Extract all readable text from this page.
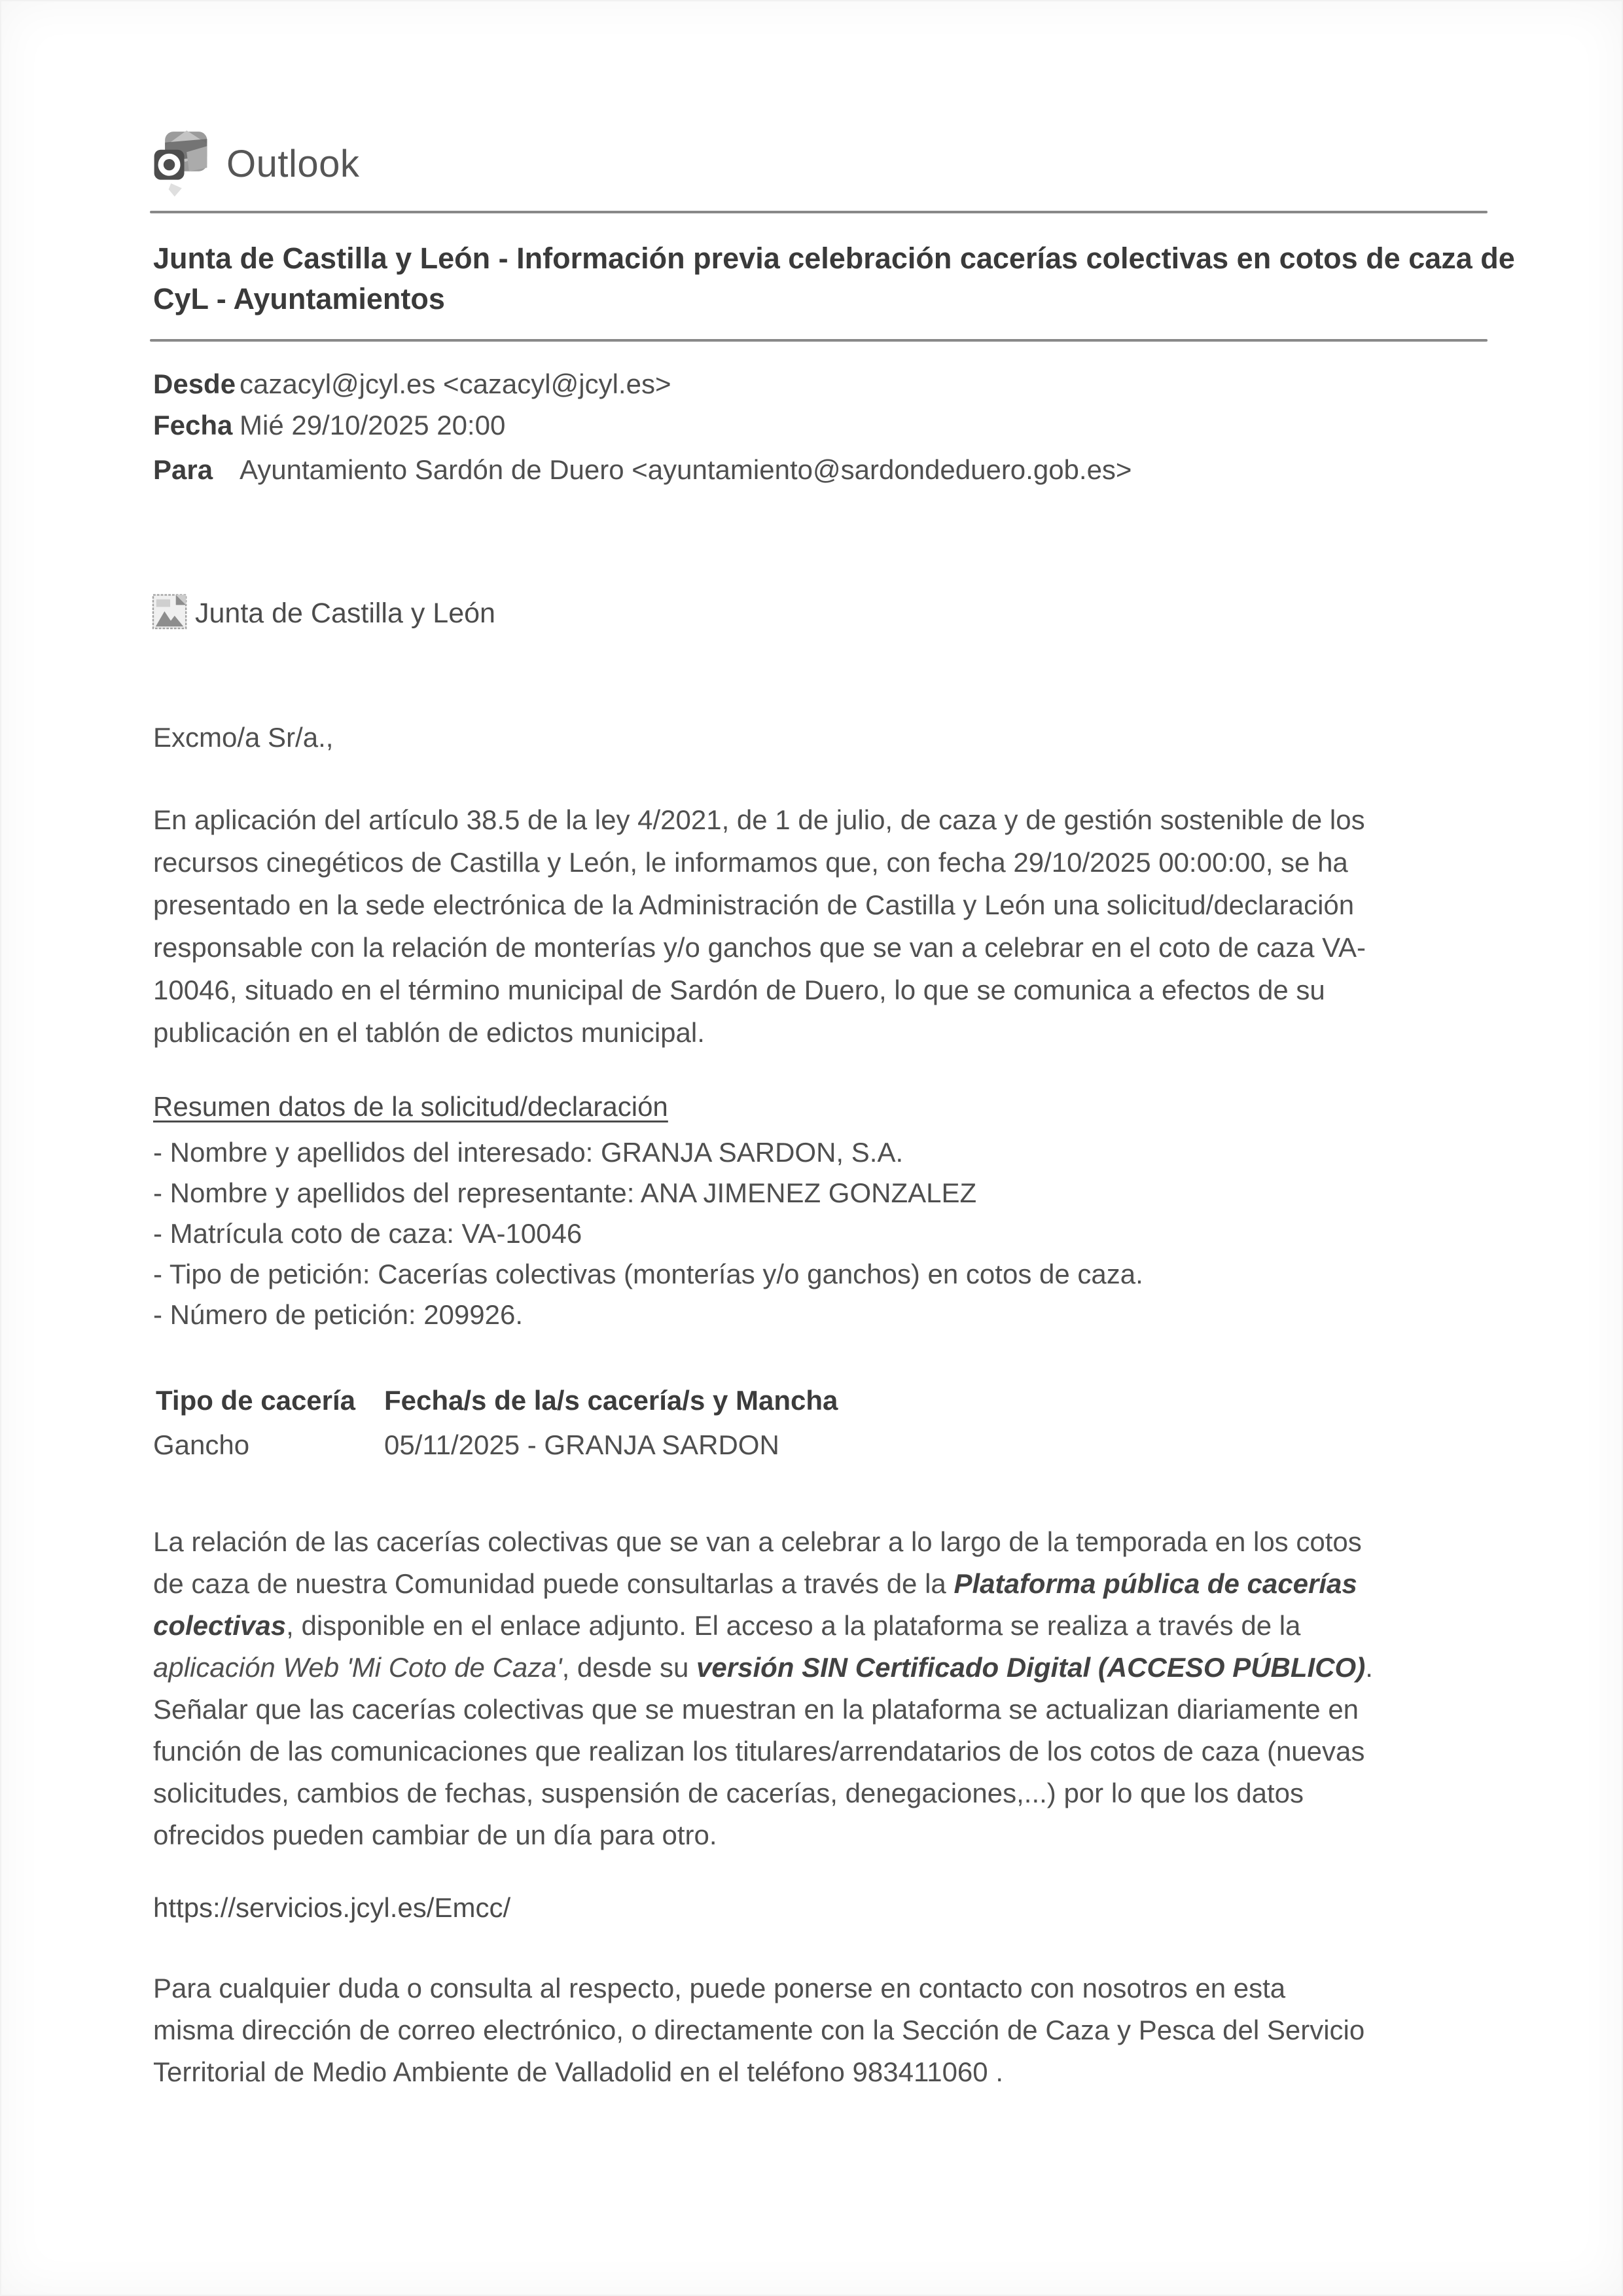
Outlook
Junta de Castilla y León - Información previa celebración cacerías colectivas en cotos de caza de
CyL - Ayuntamientos
Desde cazacyl@jcyl.es <cazacyl@jcyl.es>
Fecha Mié 29/10/2025 20:00
Para Ayuntamiento Sardón de Duero <ayuntamiento@sardondeduero.gob.es>
Junta de Castilla y León
Excmo/a Sr/a.,
En aplicación del artículo 38.5 de la ley 4/2021, de 1 de julio, de caza y de gestión sostenible de los
recursos cinegéticos de Castilla y León, le informamos que, con fecha 29/10/2025 00:00:00, se ha
presentado en la sede electrónica de la Administración de Castilla y León una solicitud/declaración
responsable con la relación de monterías y/o ganchos que se van a celebrar en el coto de caza VA-
10046, situado en el término municipal de Sardón de Duero, lo que se comunica a efectos de su
publicación en el tablón de edictos municipal.
Resumen datos de la solicitud/declaración
- Nombre y apellidos del interesado: GRANJA SARDON, S.A.
- Nombre y apellidos del representante: ANA JIMENEZ GONZALEZ
- Matrícula coto de caza: VA-10046
- Tipo de petición: Cacerías colectivas (monterías y/o ganchos) en cotos de caza.
- Número de petición: 209926.
Tipo de cacería	Fecha/s de la/s cacería/s y Mancha
Gancho	05/11/2025 - GRANJA SARDON
La relación de las cacerías colectivas que se van a celebrar a lo largo de la temporada en los cotos
de caza de nuestra Comunidad puede consultarlas a través de la Plataforma pública de cacerías
colectivas, disponible en el enlace adjunto. El acceso a la plataforma se realiza a través de la
aplicación Web 'Mi Coto de Caza', desde su versión SIN Certificado Digital (ACCESO PÚBLICO).
Señalar que las cacerías colectivas que se muestran en la plataforma se actualizan diariamente en
función de las comunicaciones que realizan los titulares/arrendatarios de los cotos de caza (nuevas
solicitudes, cambios de fechas, suspensión de cacerías, denegaciones,...) por lo que los datos
ofrecidos pueden cambiar de un día para otro.
https://servicios.jcyl.es/Emcc/
Para cualquier duda o consulta al respecto, puede ponerse en contacto con nosotros en esta
misma dirección de correo electrónico, o directamente con la Sección de Caza y Pesca del Servicio
Territorial de Medio Ambiente de Valladolid en el teléfono 983411060 .
